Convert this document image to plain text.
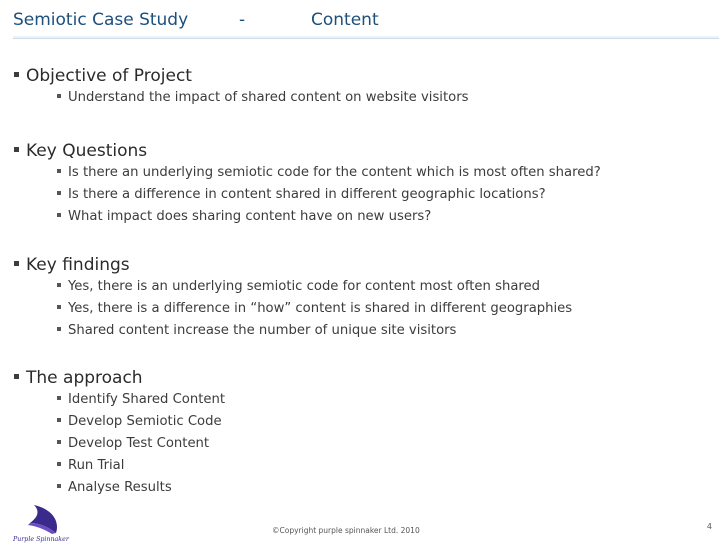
Semiotic Case Study	-	Content
Objective of Project
Understand the impact of shared content on website visitors
Key Questions
Is there an underlying semiotic code for the content which is most often shared?
Is there a difference in content shared in different geographic locations?
What impact does sharing content have on new users?
Key findings
Yes, there is an underlying semiotic code for content most often shared
Yes, there is a difference in “how” content is shared in different geographies
Shared content increase the number of unique site visitors
The approach
Identify Shared Content
Develop Semiotic Code
Develop Test Content
Run Trial
Analyse Results
Purple Spinnaker
©Copyright purple spinnaker Ltd. 2010	4
